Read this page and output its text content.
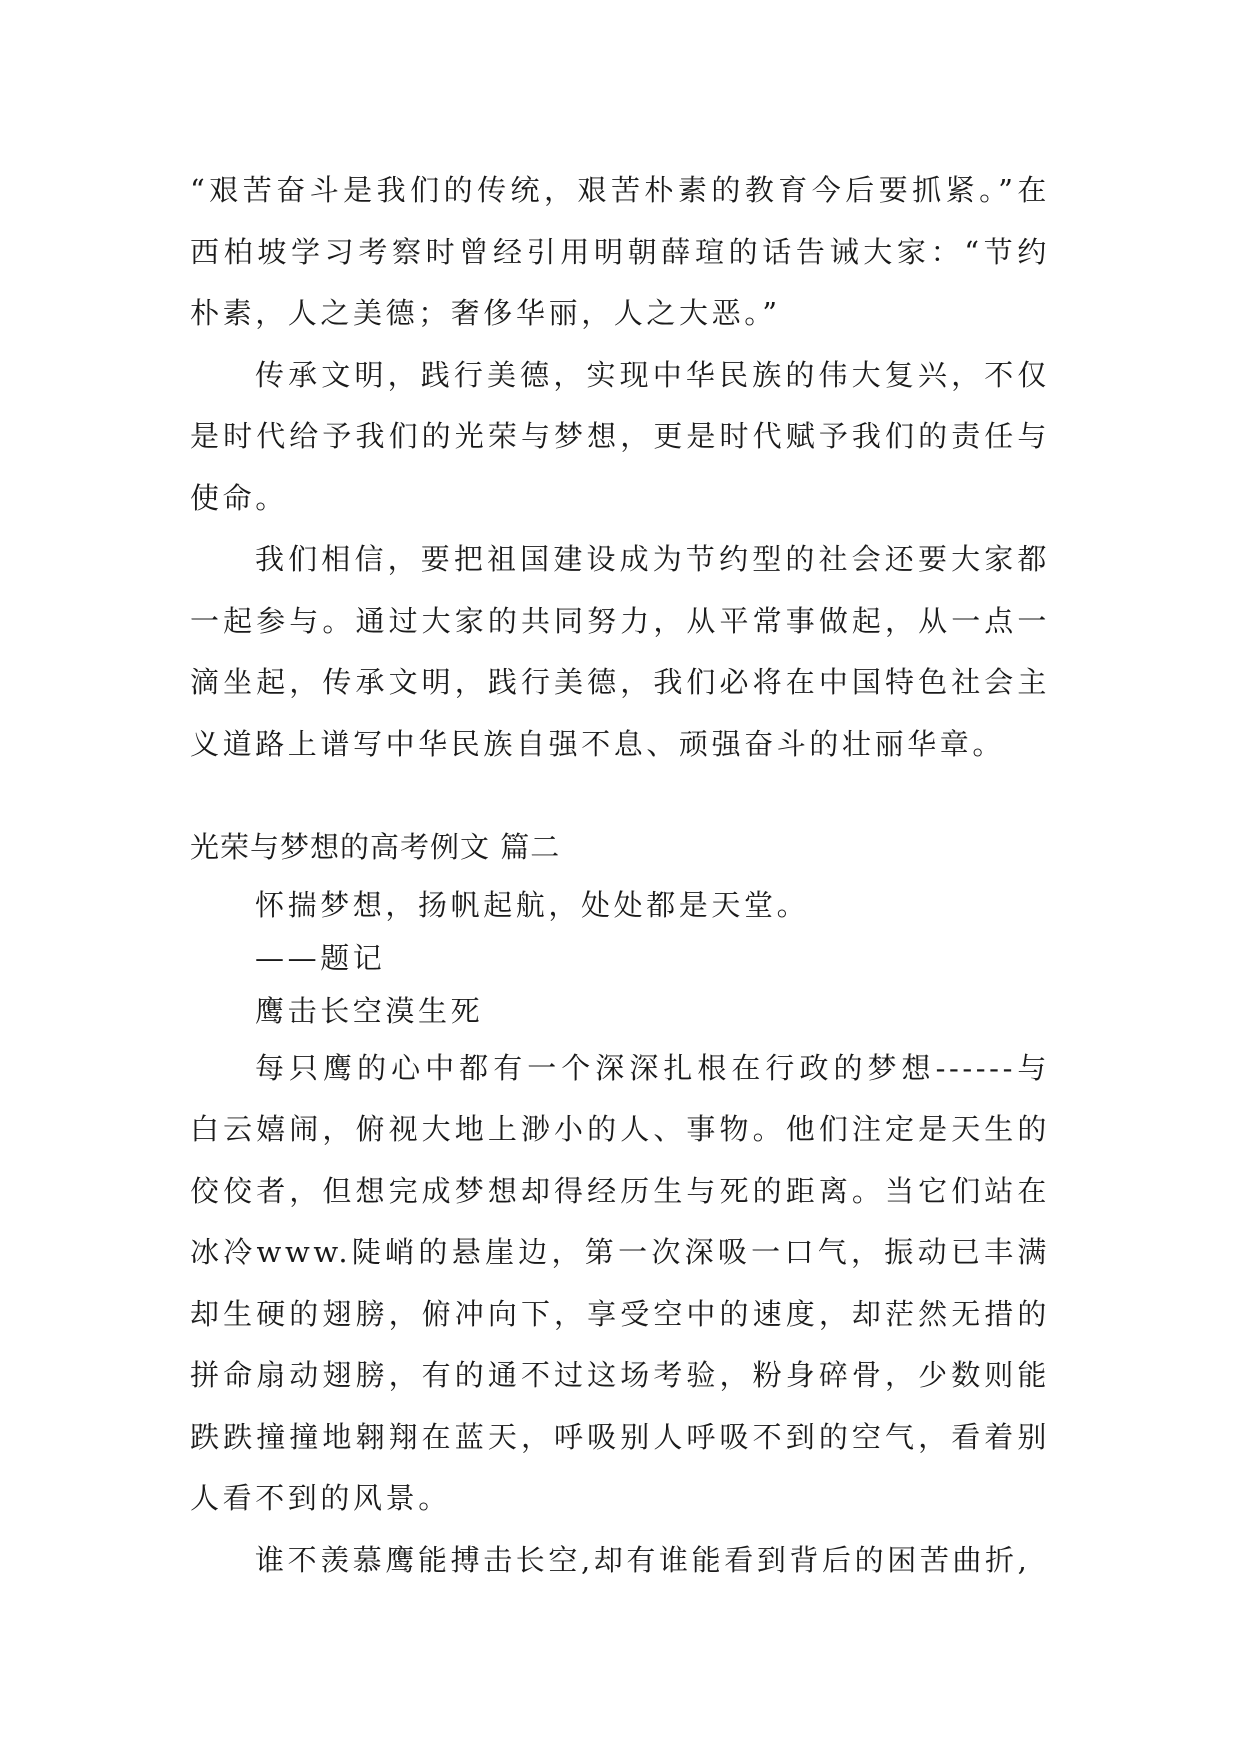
“艰苦奋斗是我们的传统，艰苦朴素的教育今后要抓紧。”在西柏坡学习考察时曾经引用明朝薛瑄的话告诫大家：“节约朴素，人之美德；奢侈华丽，人之大恶。”

传承文明，践行美德，实现中华民族的伟大复兴，不仅是时代给予我们的光荣与梦想，更是时代赋予我们的责任与使命。

我们相信，要把祖国建设成为节约型的社会还要大家都一起参与。通过大家的共同努力，从平常事做起，从一点一滴坐起，传承文明，践行美德，我们必将在中国特色社会主义道路上谱写中华民族自强不息、顽强奋斗的壮丽华章。

光荣与梦想的高考例文 篇二

怀揣梦想，扬帆起航，处处都是天堂。

——题记

鹰击长空漠生死

每只鹰的心中都有一个深深扎根在行政的梦想------与白云嬉闹，俯视大地上渺小的人、事物。他们注定是天生的佼佼者，但想完成梦想却得经历生与死的距离。当它们站在冰冷www.陡峭的悬崖边，第一次深吸一口气，振动已丰满却生硬的翅膀，俯冲向下，享受空中的速度，却茫然无措的拼命扇动翅膀，有的通不过这场考验，粉身碎骨，少数则能跌跌撞撞地翱翔在蓝天，呼吸别人呼吸不到的空气，看着别人看不到的风景。

谁不羡慕鹰能搏击长空,却有谁能看到背后的困苦曲折,
